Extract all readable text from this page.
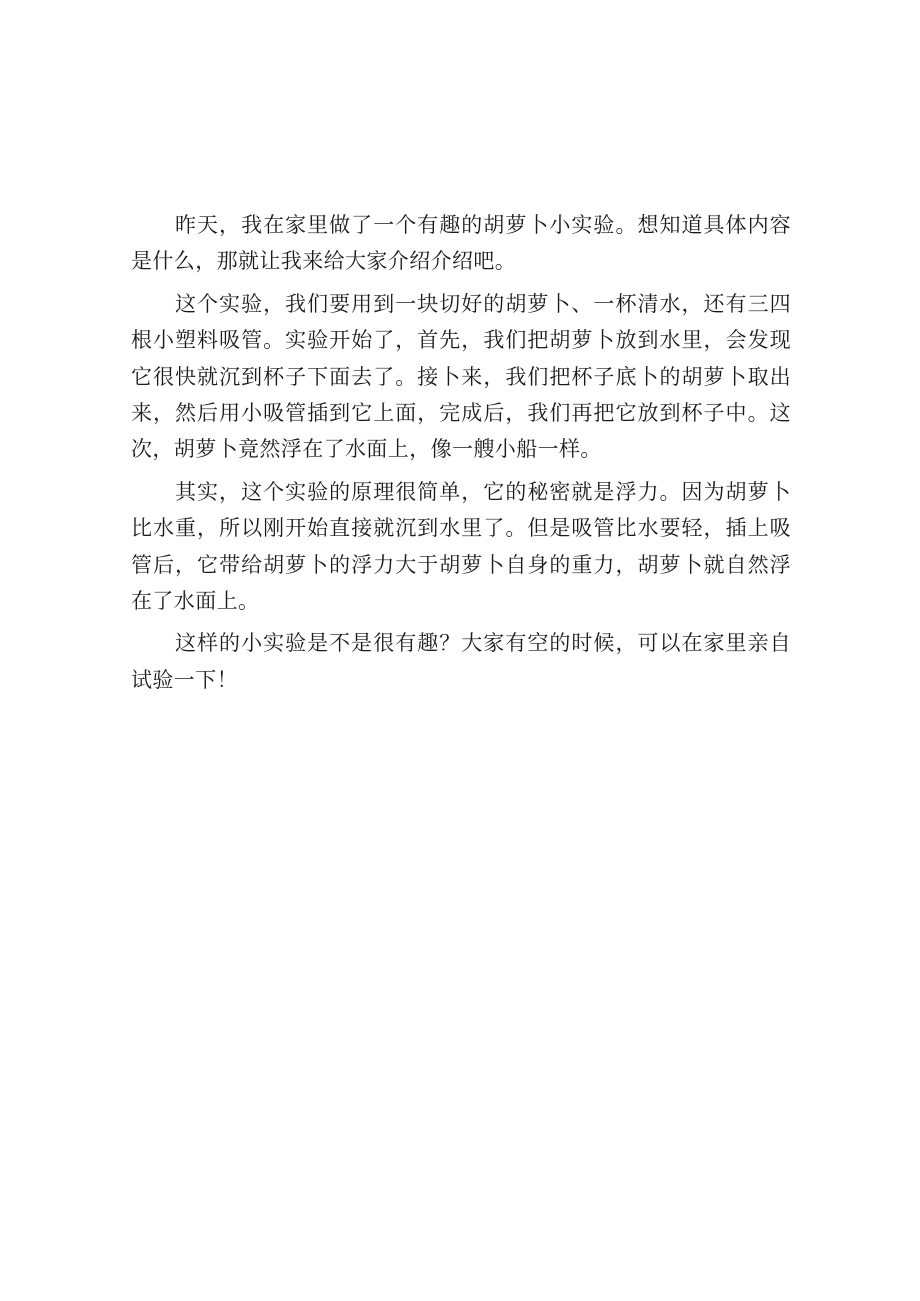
昨天，我在家里做了一个有趣的胡萝卜小实验。想知道具体内容是什么，那就让我来给大家介绍介绍吧。

这个实验，我们要用到一块切好的胡萝卜、一杯清水，还有三四根小塑料吸管。实验开始了，首先，我们把胡萝卜放到水里，会发现它很快就沉到杯子下面去了。接卜来，我们把杯子底卜的胡萝卜取出来，然后用小吸管插到它上面，完成后，我们再把它放到杯子中。这次，胡萝卜竟然浮在了水面上，像一艘小船一样。

其实，这个实验的原理很简单，它的秘密就是浮力。因为胡萝卜比水重，所以刚开始直接就沉到水里了。但是吸管比水要轻，插上吸管后，它带给胡萝卜的浮力大于胡萝卜自身的重力，胡萝卜就自然浮在了水面上。

这样的小实验是不是很有趣？大家有空的时候，可以在家里亲自试验一下！
